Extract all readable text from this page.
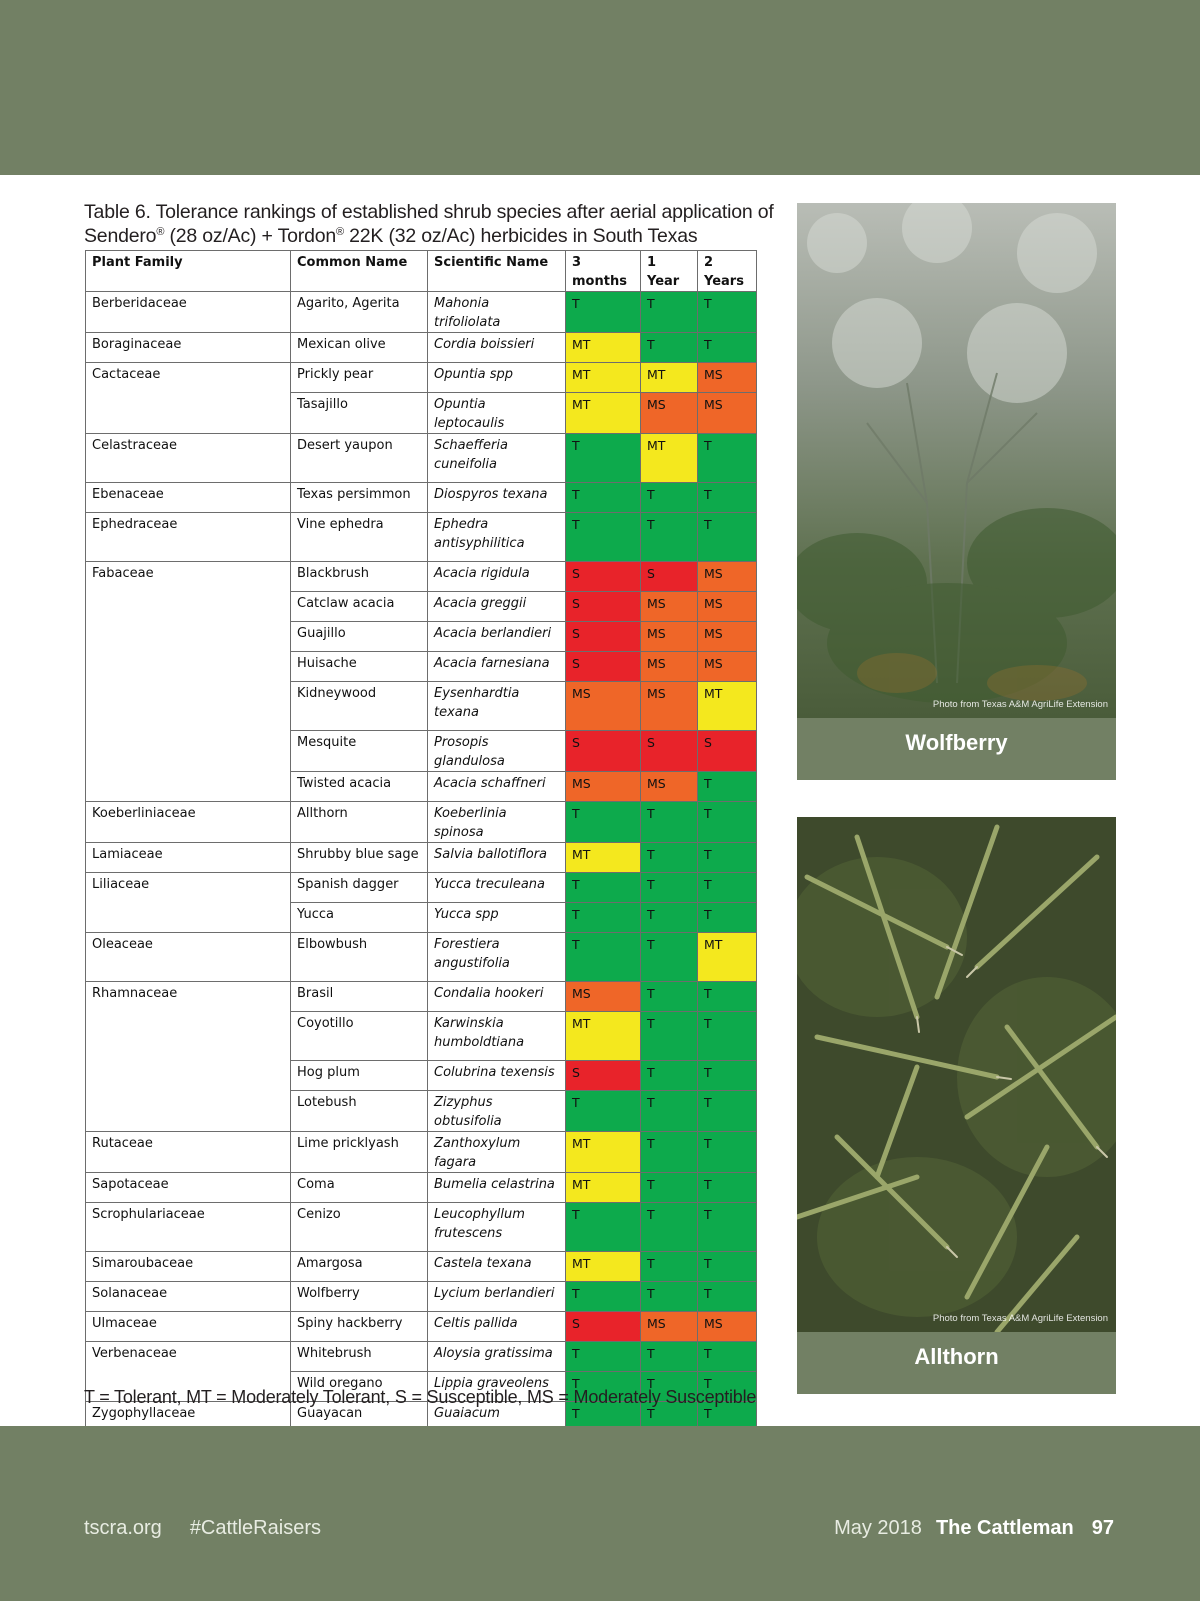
Table 6. Tolerance rankings of established shrub species after aerial application of Sendero® (28 oz/Ac) + Tordon® 22K (32 oz/Ac) herbicides in South Texas
Plant Family	Common Name	Scientific Name	3 months	1 Year	2 Years
Berberidaceae	Agarito, Agerita	Mahonia trifoliolata	T	T	T
Boraginaceae	Mexican olive	Cordia boissieri	MT	T	T
Cactaceae	Prickly pear	Opuntia spp	MT	MT	MS
	Tasajillo	Opuntia leptocaulis	MT	MS	MS
Celastraceae	Desert yaupon	Schaefferia cuneifolia	T	MT	T
Ebenaceae	Texas persimmon	Diospyros texana	T	T	T
Ephedraceae	Vine ephedra	Ephedra antisyphilitica	T	T	T
Fabaceae	Blackbrush	Acacia rigidula	S	S	MS
	Catclaw acacia	Acacia greggii	S	MS	MS
	Guajillo	Acacia berlandieri	S	MS	MS
	Huisache	Acacia farnesiana	S	MS	MS
	Kidneywood	Eysenhardtia texana	MS	MS	MT
	Mesquite	Prosopis glandulosa	S	S	S
	Twisted acacia	Acacia schaffneri	MS	MS	T
Koeberliniaceae	Allthorn	Koeberlinia spinosa	T	T	T
Lamiaceae	Shrubby blue sage	Salvia ballotiflora	MT	T	T
Liliaceae	Spanish dagger	Yucca treculeana	T	T	T
	Yucca	Yucca spp	T	T	T
Oleaceae	Elbowbush	Forestiera angustifolia	T	T	MT
Rhamnaceae	Brasil	Condalia hookeri	MS	T	T
	Coyotillo	Karwinskia humboldtiana	MT	T	T
	Hog plum	Colubrina texensis	S	T	T
	Lotebush	Zizyphus obtusifolia	T	T	T
Rutaceae	Lime pricklyash	Zanthoxylum fagara	MT	T	T
Sapotaceae	Coma	Bumelia celastrina	MT	T	T
Scrophulariaceae	Cenizo	Leucophyllum frutescens	T	T	T
Simaroubaceae	Amargosa	Castela texana	MT	T	T
Solanaceae	Wolfberry	Lycium berlandieri	T	T	T
Ulmaceae	Spiny hackberry	Celtis pallida	S	MS	MS
Verbenaceae	Whitebrush	Aloysia gratissima	T	T	T
	Wild oregano	Lippia graveolens	T	T	T
Zygophyllaceae	Guayacan	Guaiacum	T	T	T
T = Tolerant, MT = Moderately Tolerant, S = Susceptible, MS = Moderately Susceptible
Photo from Texas A&M AgriLife Extension
Wolfberry
Photo from Texas A&M AgriLife Extension
Allthorn
tscra.org #CattleRaisers	May 2018 The Cattleman 97
